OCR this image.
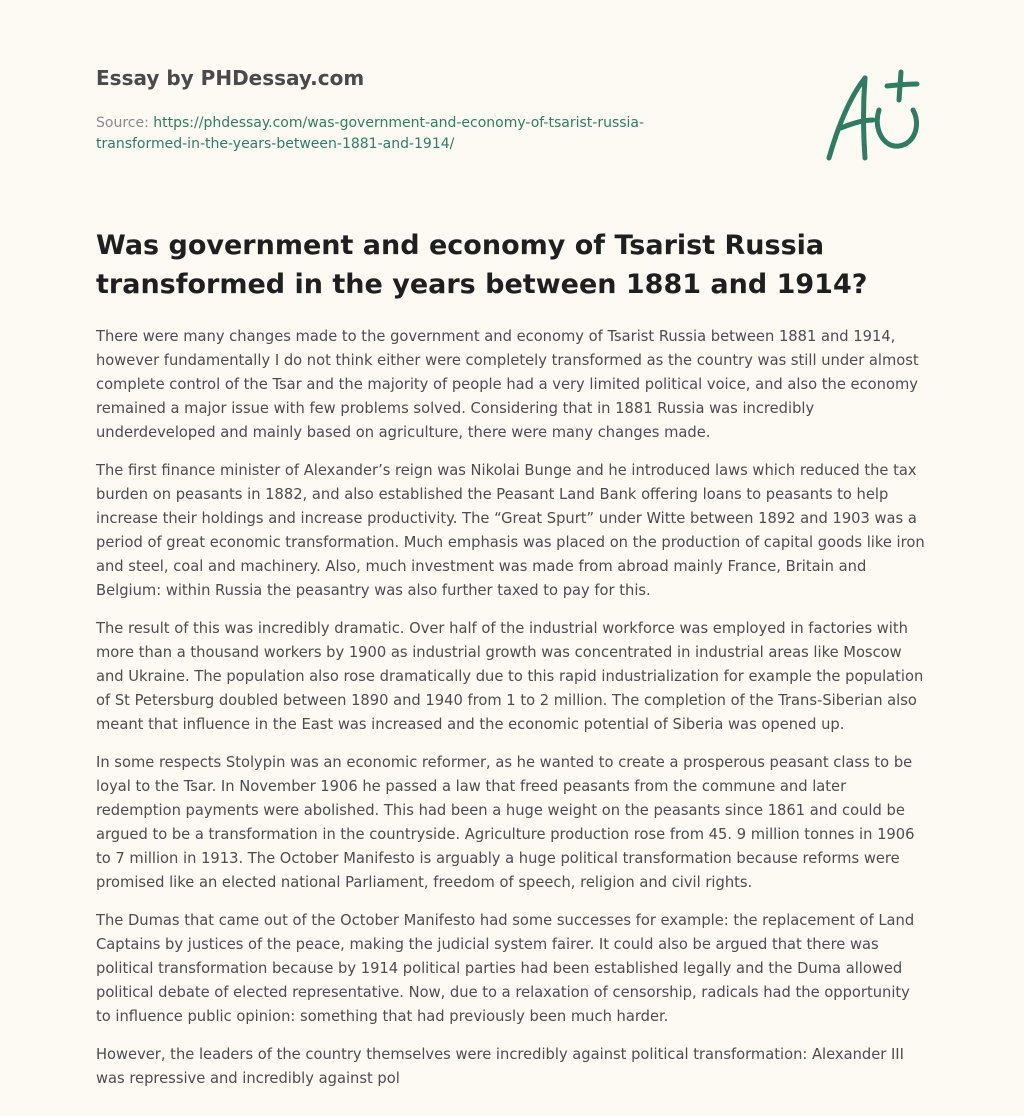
Essay by PHDessay.com
Source: https://phdessay.com/was-government-and-economy-of-tsarist-russia-
transformed-in-the-years-between-1881-and-1914/
Was government and economy of Tsarist Russia transformed in the years between 1881 and 1914?

There were many changes made to the government and economy of Tsarist Russia between 1881 and 1914, however fundamentally I do not think either were completely transformed as the country was still under almost complete control of the Tsar and the majority of people had a very limited political voice, and also the economy remained a major issue with few problems solved. Considering that in 1881 Russia was incredibly underdeveloped and mainly based on agriculture, there were many changes made.

The first finance minister of Alexander’s reign was Nikolai Bunge and he introduced laws which reduced the tax burden on peasants in 1882, and also established the Peasant Land Bank offering loans to peasants to help increase their holdings and increase productivity. The “Great Spurt” under Witte between 1892 and 1903 was a period of great economic transformation. Much emphasis was placed on the production of capital goods like iron and steel, coal and machinery. Also, much investment was made from abroad mainly France, Britain and Belgium: within Russia the peasantry was also further taxed to pay for this.

The result of this was incredibly dramatic. Over half of the industrial workforce was employed in factories with more than a thousand workers by 1900 as industrial growth was concentrated in industrial areas like Moscow and Ukraine. The population also rose dramatically due to this rapid industrialization for example the population of St Petersburg doubled between 1890 and 1940 from 1 to 2 million. The completion of the Trans-Siberian also meant that influence in the East was increased and the economic potential of Siberia was opened up.

In some respects Stolypin was an economic reformer, as he wanted to create a prosperous peasant class to be loyal to the Tsar. In November 1906 he passed a law that freed peasants from the commune and later redemption payments were abolished. This had been a huge weight on the peasants since 1861 and could be argued to be a transformation in the countryside. Agriculture production rose from 45. 9 million tonnes in 1906 to 7 million in 1913. The October Manifesto is arguably a huge political transformation because reforms were promised like an elected national Parliament, freedom of speech, religion and civil rights.

The Dumas that came out of the October Manifesto had some successes for example: the replacement of Land Captains by justices of the peace, making the judicial system fairer. It could also be argued that there was political transformation because by 1914 political parties had been established legally and the Duma allowed political debate of elected representative. Now, due to a relaxation of censorship, radicals had the opportunity to influence public opinion: something that had previously been much harder.

However, the leaders of the country themselves were incredibly against political transformation: Alexander III was repressive and incredibly against pol
